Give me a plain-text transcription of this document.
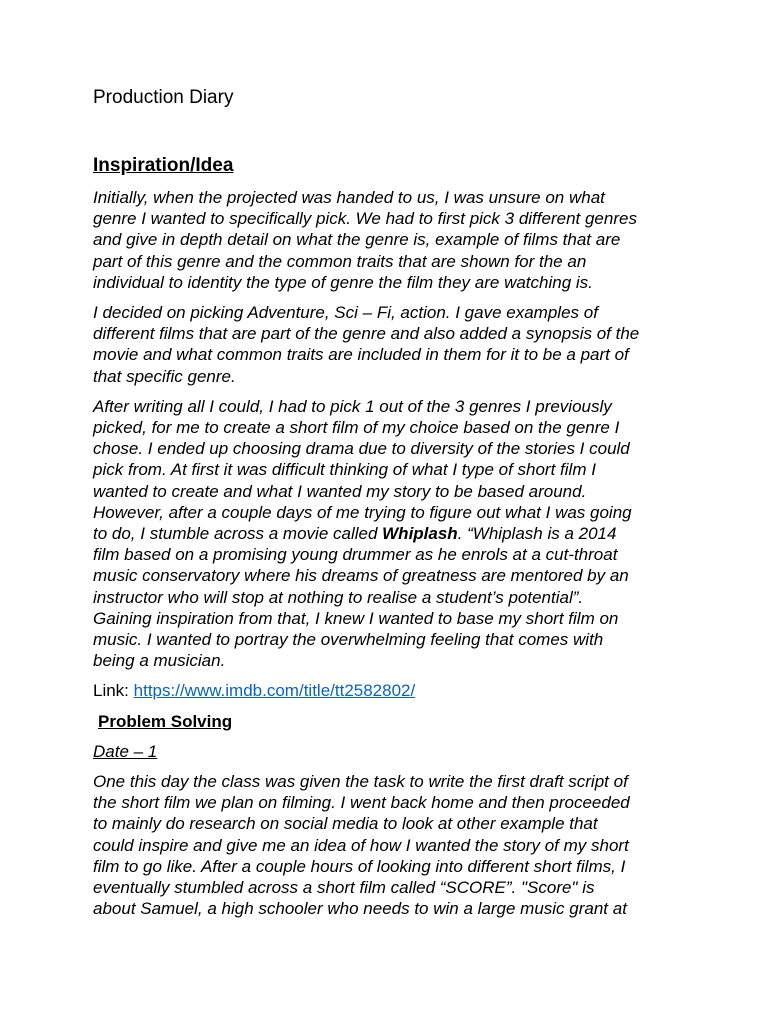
Production Diary
Inspiration/Idea
Initially, when the projected was handed to us, I was unsure on what
genre I wanted to specifically pick. We had to first pick 3 different genres
and give in depth detail on what the genre is, example of films that are
part of this genre and the common traits that are shown for the an
individual to identity the type of genre the film they are watching is.
I decided on picking Adventure, Sci – Fi, action. I gave examples of
different films that are part of the genre and also added a synopsis of the
movie and what common traits are included in them for it to be a part of
that specific genre.
After writing all I could, I had to pick 1 out of the 3 genres I previously
picked, for me to create a short film of my choice based on the genre I
chose. I ended up choosing drama due to diversity of the stories I could
pick from. At first it was difficult thinking of what I type of short film I
wanted to create and what I wanted my story to be based around.
However, after a couple days of me trying to figure out what I was going
to do, I stumble across a movie called Whiplash. “Whiplash is a 2014
film based on a promising young drummer as he enrols at a cut-throat
music conservatory where his dreams of greatness are mentored by an
instructor who will stop at nothing to realise a student’s potential”.
Gaining inspiration from that, I knew I wanted to base my short film on
music. I wanted to portray the overwhelming feeling that comes with
being a musician.
Link: https://www.imdb.com/title/tt2582802/
Problem Solving
Date – 1
One this day the class was given the task to write the first draft script of
the short film we plan on filming. I went back home and then proceeded
to mainly do research on social media to look at other example that
could inspire and give me an idea of how I wanted the story of my short
film to go like. After a couple hours of looking into different short films, I
eventually stumbled across a short film called “SCORE”. "Score" is
about Samuel, a high schooler who needs to win a large music grant at
